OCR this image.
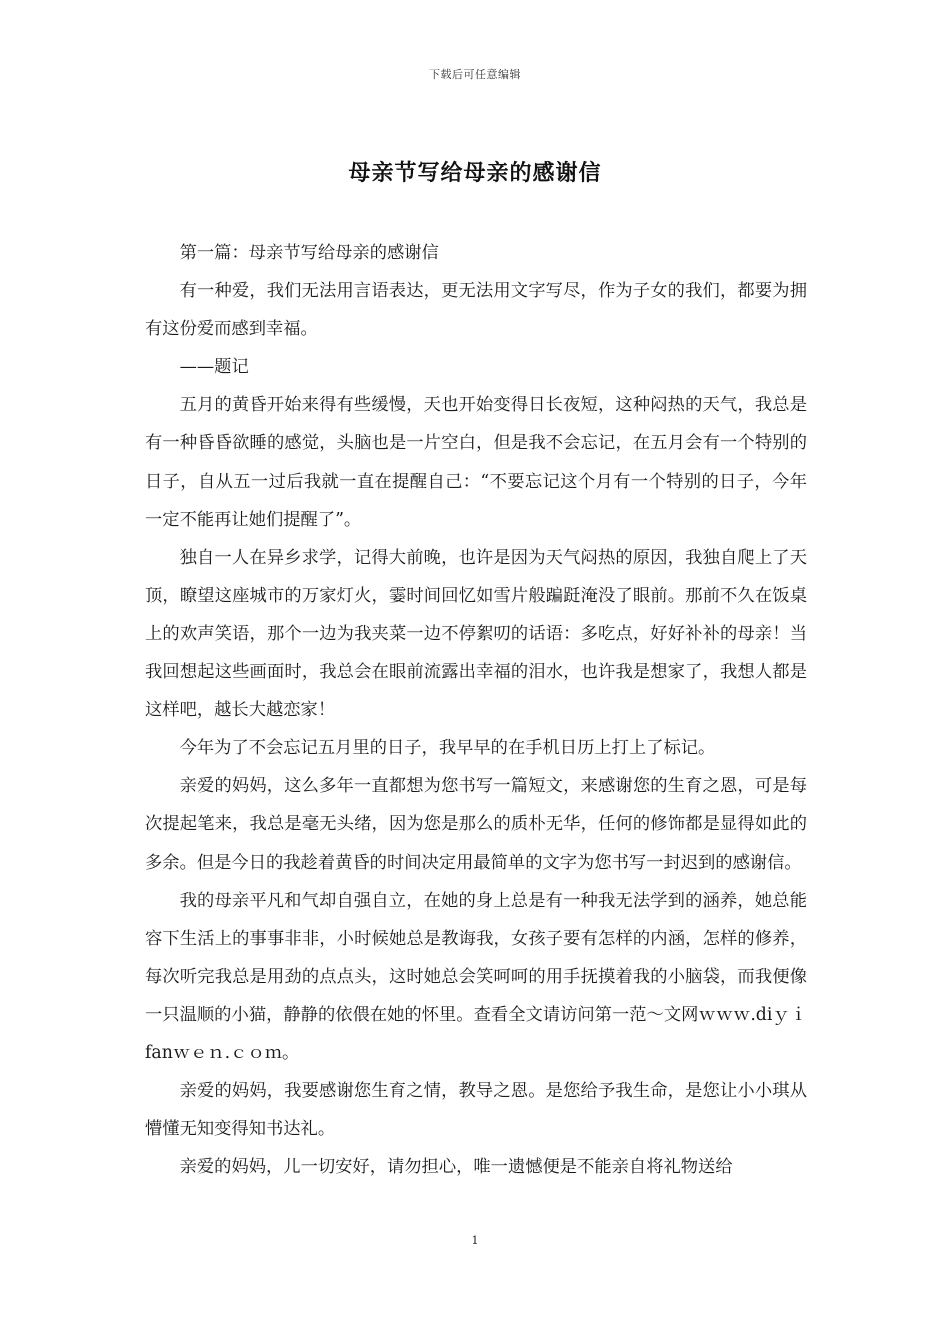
下载后可任意编辑
母亲节写给母亲的感谢信

第一篇：母亲节写给母亲的感谢信

有一种爱，我们无法用言语表达，更无法用文字写尽，作为子女的我们，都要为拥有这份爱而感到幸福。

——题记

五月的黄昏开始来得有些缓慢，天也开始变得日长夜短，这种闷热的天气，我总是有一种昏昏欲睡的感觉，头脑也是一片空白，但是我不会忘记，在五月会有一个特别的日子，自从五一过后我就一直在提醒自己：“不要忘记这个月有一个特别的日子，今年一定不能再让她们提醒了”。

独自一人在异乡求学，记得大前晚，也许是因为天气闷热的原因，我独自爬上了天顶，瞭望这座城市的万家灯火，霎时间回忆如雪片般蹁跹淹没了眼前。那前不久在饭桌上的欢声笑语，那个一边为我夹菜一边不停絮叨的话语：多吃点，好好补补的母亲！当我回想起这些画面时，我总会在眼前流露出幸福的泪水，也许我是想家了，我想人都是这样吧，越长大越恋家！

今年为了不会忘记五月里的日子，我早早的在手机日历上打上了标记。

亲爱的妈妈，这么多年一直都想为您书写一篇短文，来感谢您的生育之恩，可是每次提起笔来，我总是毫无头绪，因为您是那么的质朴无华，任何的修饰都是显得如此的多余。但是今日的我趁着黄昏的时间决定用最简单的文字为您书写一封迟到的感谢信。

我的母亲平凡和气却自强自立，在她的身上总是有一种我无法学到的涵养，她总能容下生活上的事事非非，小时候她总是教诲我，女孩子要有怎样的内涵，怎样的修养，每次听完我总是用劲的点点头，这时她总会笑呵呵的用手抚摸着我的小脑袋，而我便像一只温顺的小猫，静静的依偎在她的怀里。查看全文请访问第一范～文网ｗｗｗ.diｙｉfanｗｅｎ.ｃｏｍ。

亲爱的妈妈，我要感谢您生育之情，教导之恩。是您给予我生命，是您让小小琪从懵懂无知变得知书达礼。

亲爱的妈妈，儿一切安好，请勿担心，唯一遗憾便是不能亲自将礼物送给

1
